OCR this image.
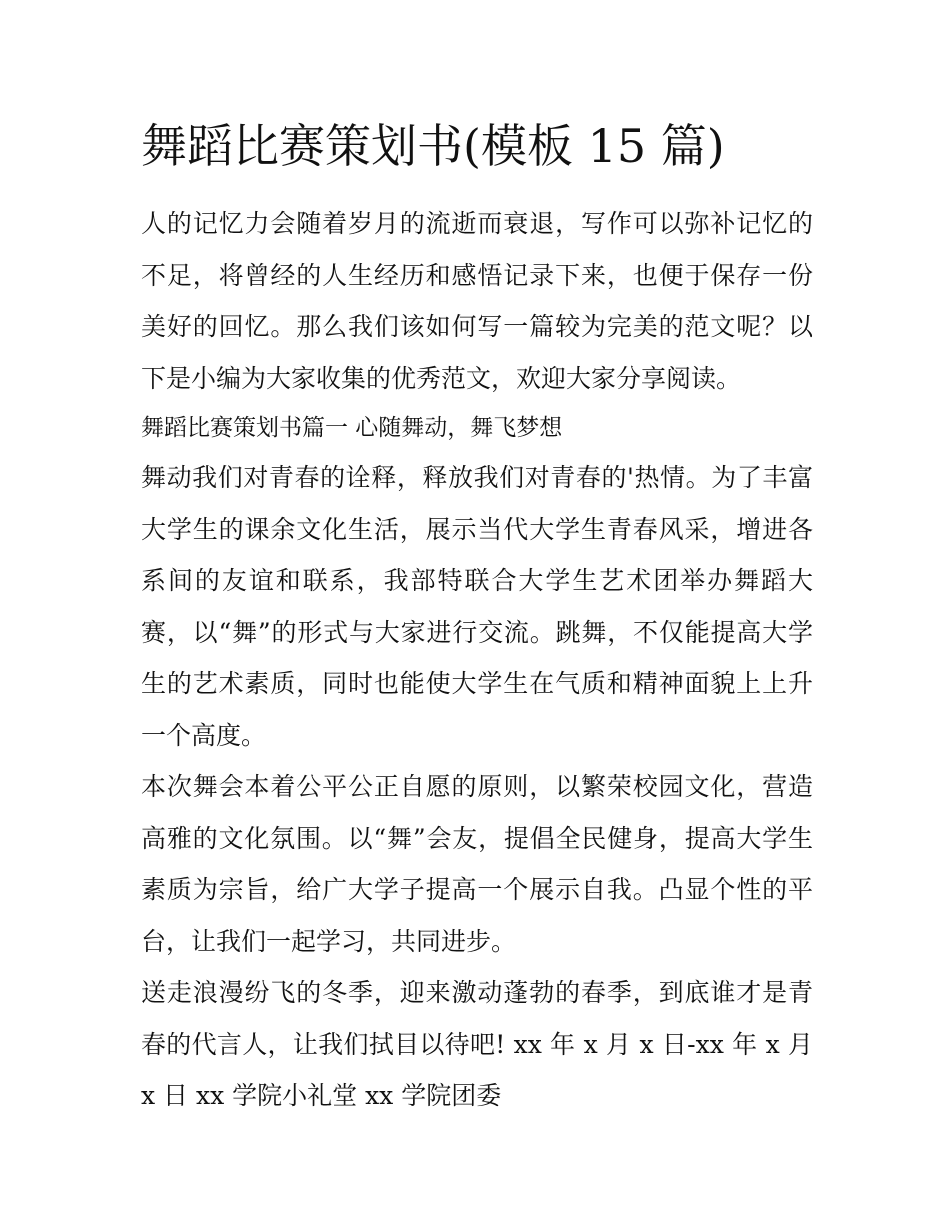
舞蹈比赛策划书(模板 15 篇)

人的记忆力会随着岁月的流逝而衰退，写作可以弥补记忆的不足，将曾经的人生经历和感悟记录下来，也便于保存一份美好的回忆。那么我们该如何写一篇较为完美的范文呢？以下是小编为大家收集的优秀范文，欢迎大家分享阅读。

舞蹈比赛策划书篇一 心随舞动，舞飞梦想

舞动我们对青春的诠释，释放我们对青春的'热情。为了丰富大学生的课余文化生活，展示当代大学生青春风采，增进各系间的友谊和联系，我部特联合大学生艺术团举办舞蹈大赛，以“舞”的形式与大家进行交流。跳舞，不仅能提高大学生的艺术素质，同时也能使大学生在气质和精神面貌上上升一个高度。

本次舞会本着公平公正自愿的原则，以繁荣校园文化，营造高雅的文化氛围。以“舞”会友，提倡全民健身，提高大学生素质为宗旨，给广大学子提高一个展示自我。凸显个性的平台，让我们一起学习，共同进步。

送走浪漫纷飞的冬季，迎来激动蓬勃的春季，到底谁才是青春的代言人，让我们拭目以待吧! xx 年 x 月 x 日-xx 年 x 月 x 日 xx 学院小礼堂 xx 学院团委
